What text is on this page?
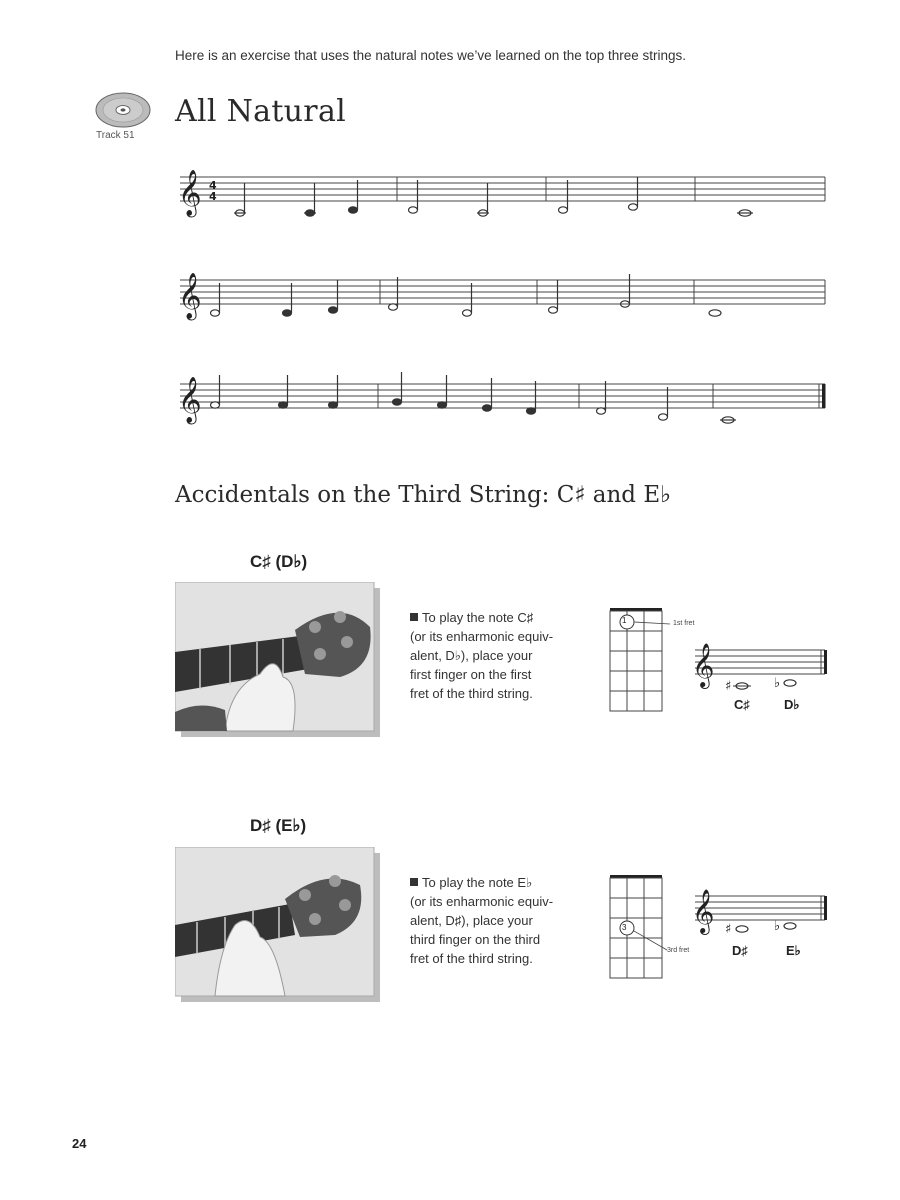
Here is an exercise that uses the natural notes we’ve learned on the top three strings.
Track 51
All Natural
𝄞 4
4
𝄞
𝄞
Accidentals on the Third String: C♯ and E♭
C♯ (D♭)
To play the note C♯
(or its enharmonic equiv-
alent, D♭), place your
first finger on the first
fret of the third string.
1st fret
1
𝄞 ♯	♭
C♯	D♭
D♯ (E♭)
To play the note E♭
(or its enharmonic equiv-
alent, D♯), place your
third finger on the third
fret of the third string.
3rd fret
3 𝄞 ♯	♭
D♯	E♭
24
